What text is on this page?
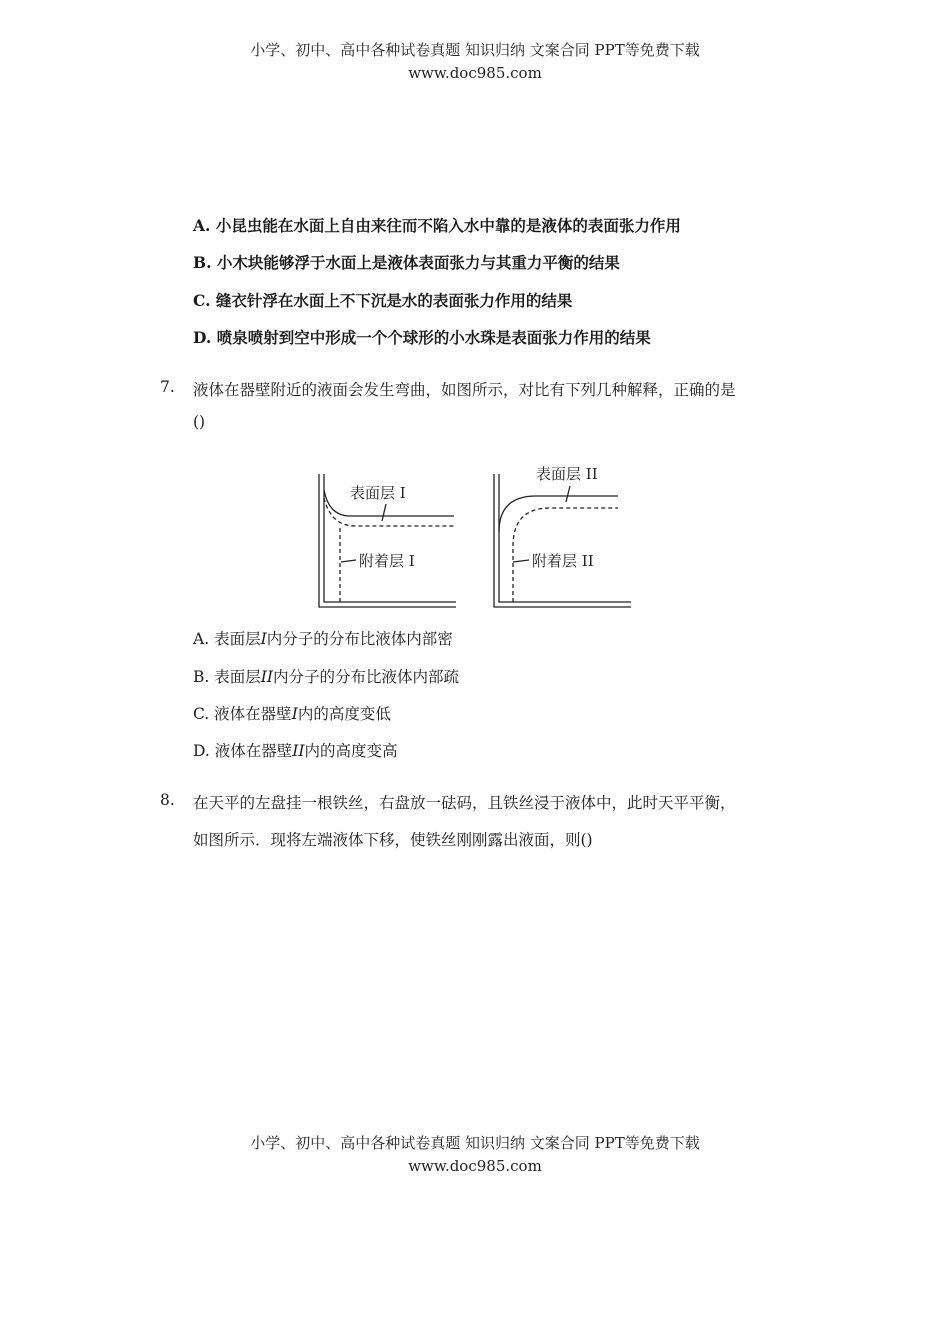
小学、初中、高中各种试卷真题 知识归纳 文案合同 PPT等免费下载
www.doc985.com
A. 小昆虫能在水面上自由来往而不陷入水中靠的是液体的表面张力作用
B. 小木块能够浮于水面上是液体表面张力与其重力平衡的结果
C. 缝衣针浮在水面上不下沉是水的表面张力作用的结果
D. 喷泉喷射到空中形成一个个球形的小水珠是表面张力作用的结果
7. 液体在器壁附近的液面会发生弯曲，如图所示，对比有下列几种解释，正确的是
()
表面层 I
附着层 I
表面层 II
附着层 II
A. 表面层I内分子的分布比液体内部密
B. 表面层II内分子的分布比液体内部疏
C. 液体在器壁I内的高度变低
D. 液体在器壁II内的高度变高
8. 在天平的左盘挂一根铁丝，右盘放一砝码，且铁丝浸于液体中，此时天平平衡，
如图所示．现将左端液体下移，使铁丝刚刚露出液面，则()
小学、初中、高中各种试卷真题 知识归纳 文案合同 PPT等免费下载
www.doc985.com
